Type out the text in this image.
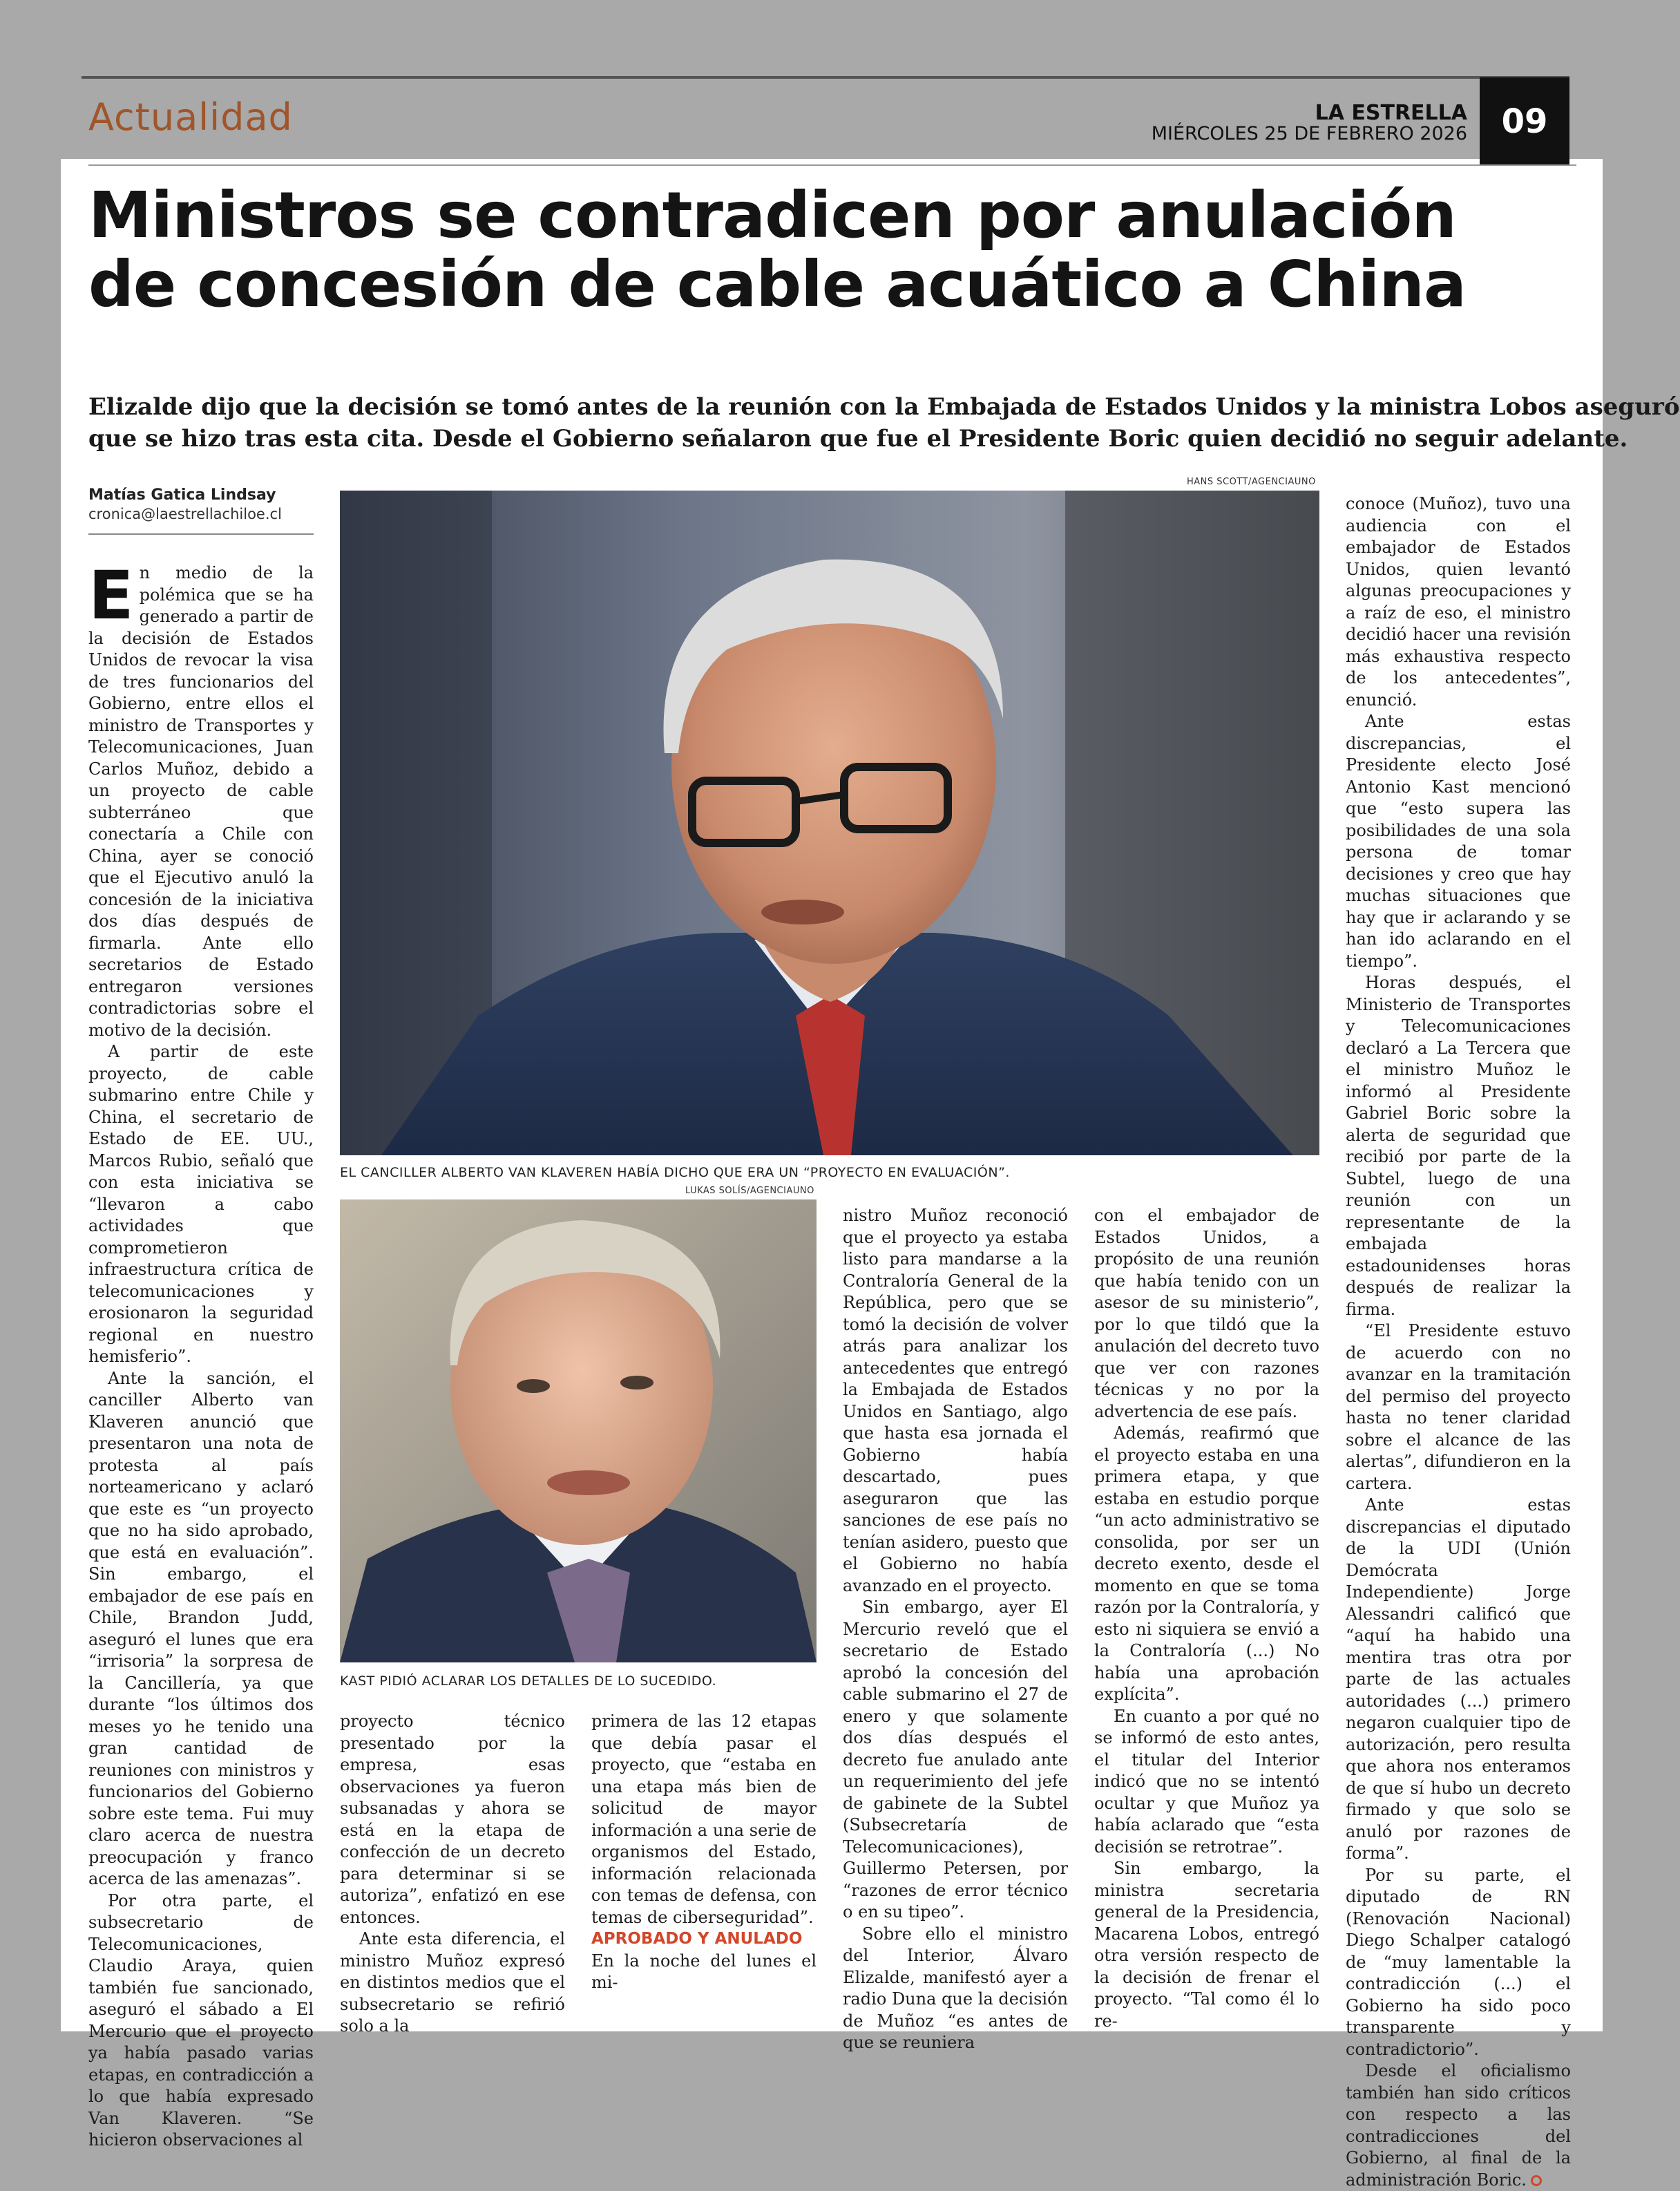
Actualidad	LA ESTRELLA
MIÉRCOLES 25 DE FEBRERO 2026	09
Ministros se contradicen por anulación
de concesión de cable acuático a China

Elizalde dijo que la decisión se tomó antes de la reunión con la Embajada de Estados Unidos y la ministra Lobos aseguró
que se hizo tras esta cita. Desde el Gobierno señalaron que fue el Presidente Boric quien decidió no seguir adelante.

Matías Gatica Lindsay
cronica@laestrellachiloe.cl
HANS SCOTT/AGENCIAUNO
EL CANCILLER ALBERTO VAN KLAVEREN HABÍA DICHO QUE ERA UN “PROYECTO EN EVALUACIÓN”.
LUKAS SOLÍS/AGENCIAUNO
KAST PIDIÓ ACLARAR LOS DETALLES DE LO SUCEDIDO.

En medio de la polémica que se ha generado a partir de la decisión de Estados Unidos de revocar la visa de tres funcionarios del Gobierno, entre ellos el ministro de Transportes y Telecomunicaciones, Juan Carlos Muñoz, debido a un proyecto de cable subterráneo que conectaría a Chile con China, ayer se conoció que el Ejecutivo anuló la concesión de la iniciativa dos días después de firmarla. Ante ello secretarios de Estado entregaron versiones contradictorias sobre el motivo de la decisión.

A partir de este proyecto, de cable submarino entre Chile y China, el secretario de Estado de EE. UU., Marcos Rubio, señaló que con esta iniciativa se “llevaron a cabo actividades que comprometieron infraestructura crítica de telecomunicaciones y erosionaron la seguridad regional en nuestro hemisferio”.

Ante la sanción, el canciller Alberto van Klaveren anunció que presentaron una nota de protesta al país norteamericano y aclaró que este es “un proyecto que no ha sido aprobado, que está en evaluación”. Sin embargo, el embajador de ese país en Chile, Brandon Judd, aseguró el lunes que era “irrisoria” la sorpresa de la Cancillería, ya que durante “los últimos dos meses yo he tenido una gran cantidad de reuniones con ministros y funcionarios del Gobierno sobre este tema. Fui muy claro acerca de nuestra preocupación y franco acerca de las amenazas”.

Por otra parte, el subsecretario de Telecomunicaciones, Claudio Araya, quien también fue sancionado, aseguró el sábado a El Mercurio que el proyecto ya había pasado varias etapas, en contradicción a lo que había expresado Van Klaveren. “Se hicieron observaciones al

proyecto técnico presentado por la empresa, esas observaciones ya fueron subsanadas y ahora se está en la etapa de confección de un decreto para determinar si se autoriza”, enfatizó en ese entonces.

Ante esta diferencia, el ministro Muñoz expresó en distintos medios que el subsecretario se refirió solo a la

primera de las 12 etapas que debía pasar el proyecto, que “estaba en una etapa más bien de solicitud de mayor información a una serie de organismos del Estado, información relacionada con temas de defensa, con temas de ciberseguridad”.

APROBADO Y ANULADO

En la noche del lunes el mi-

nistro Muñoz reconoció que el proyecto ya estaba listo para mandarse a la Contraloría General de la República, pero que se tomó la decisión de volver atrás para analizar los antecedentes que entregó la Embajada de Estados Unidos en Santiago, algo que hasta esa jornada el Gobierno había descartado, pues aseguraron que las sanciones de ese país no tenían asidero, puesto que el Gobierno no había avanzado en el proyecto.

Sin embargo, ayer El Mercurio reveló que el secretario de Estado aprobó la concesión del cable submarino el 27 de enero y que solamente dos días después el decreto fue anulado ante un requerimiento del jefe de gabinete de la Subtel (Subsecretaría de Telecomunicaciones), Guillermo Petersen, por “razones de error técnico o en su tipeo”.

Sobre ello el ministro del Interior, Álvaro Elizalde, manifestó ayer a radio Duna que la decisión de Muñoz “es antes de que se reuniera

con el embajador de Estados Unidos, a propósito de una reunión que había tenido con un asesor de su ministerio”, por lo que tildó que la anulación del decreto tuvo que ver con razones técnicas y no por la advertencia de ese país.

Además, reafirmó que el proyecto estaba en una primera etapa, y que estaba en estudio porque “un acto administrativo se consolida, por ser un decreto exento, desde el momento en que se toma razón por la Contraloría, y esto ni siquiera se envió a la Contraloría (...) No había una aprobación explícita”.

En cuanto a por qué no se informó de esto antes, el titular del Interior indicó que no se intentó ocultar y que Muñoz ya había aclarado que “esta decisión se retrotrae”.

Sin embargo, la ministra secretaria general de la Presidencia, Macarena Lobos, entregó otra versión respecto de la decisión de frenar el proyecto. “Tal como él lo re-

conoce (Muñoz), tuvo una audiencia con el embajador de Estados Unidos, quien levantó algunas preocupaciones y a raíz de eso, el ministro decidió hacer una revisión más exhaustiva respecto de los antecedentes”, enunció.

Ante estas discrepancias, el Presidente electo José Antonio Kast mencionó que “esto supera las posibilidades de una sola persona de tomar decisiones y creo que hay muchas situaciones que hay que ir aclarando y se han ido aclarando en el tiempo”.

Horas después, el Ministerio de Transportes y Telecomunicaciones declaró a La Tercera que el ministro Muñoz le informó al Presidente Gabriel Boric sobre la alerta de seguridad que recibió por parte de la Subtel, luego de una reunión con un representante de la embajada estadounidenses horas después de realizar la firma.

“El Presidente estuvo de acuerdo con no avanzar en la tramitación del permiso del proyecto hasta no tener claridad sobre el alcance de las alertas”, difundieron en la cartera.

Ante estas discrepancias el diputado de la UDI (Unión Demócrata Independiente) Jorge Alessandri calificó que “aquí ha habido una mentira tras otra por parte de las actuales autoridades (...) primero negaron cualquier tipo de autorización, pero resulta que ahora nos enteramos de que sí hubo un decreto firmado y que solo se anuló por razones de forma”.

Por su parte, el diputado de RN (Renovación Nacional) Diego Schalper catalogó de “muy lamentable la contradicción (...) el Gobierno ha sido poco transparente y contradictorio”.

Desde el oficialismo también han sido críticos con respecto a las contradicciones del Gobierno, al final de la administración Boric.
